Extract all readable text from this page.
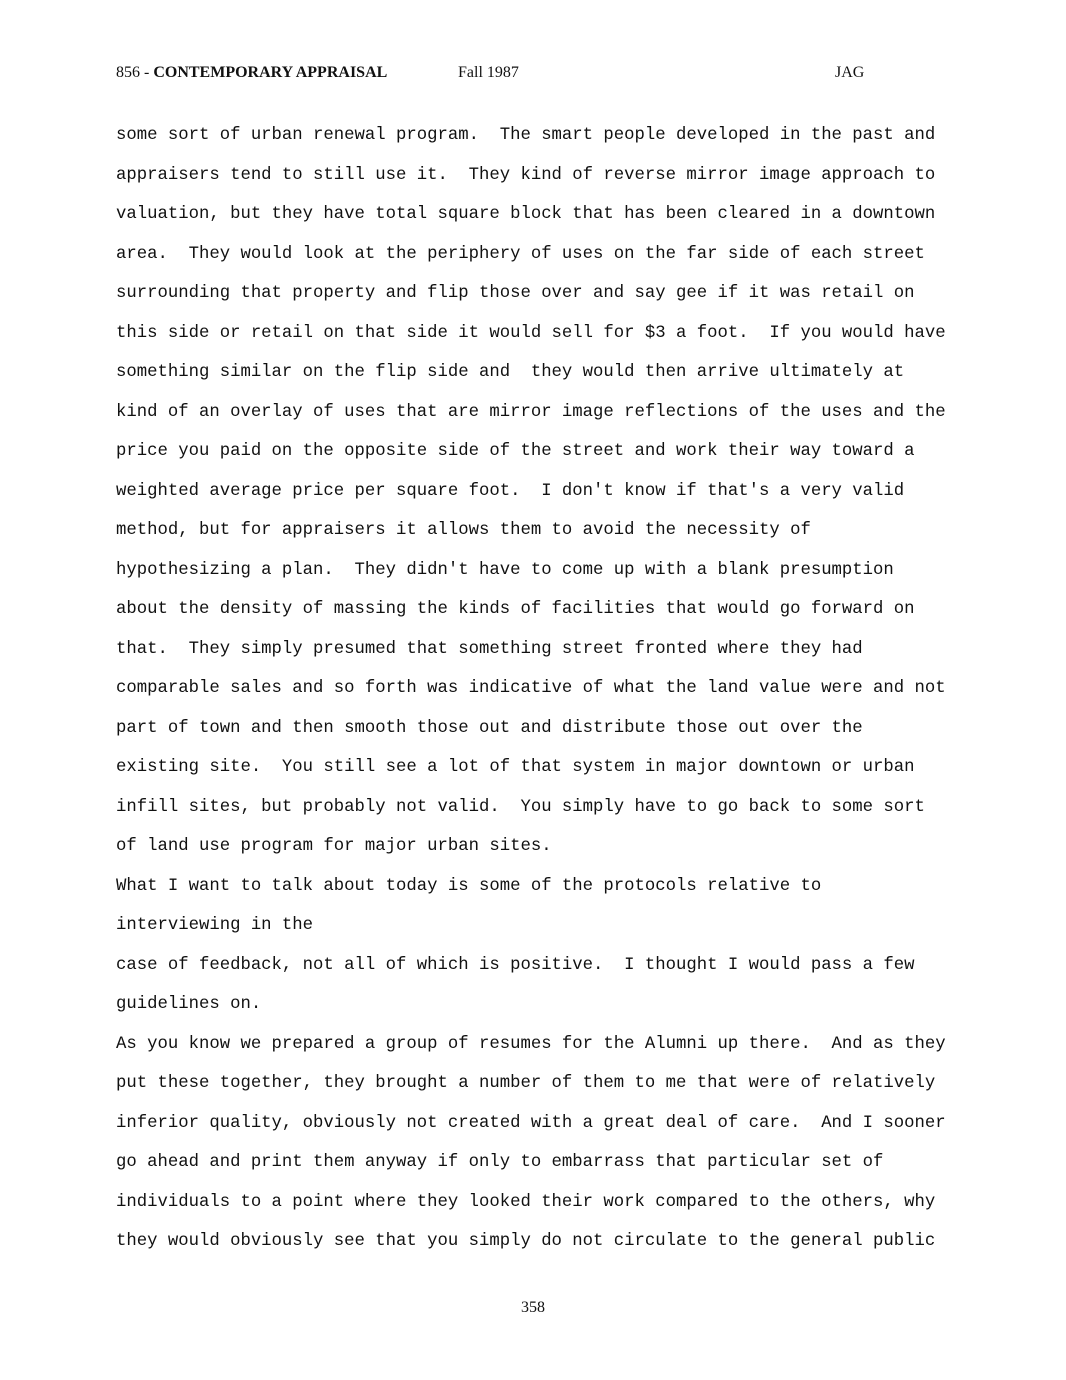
856 - CONTEMPORARY APPRAISAL	Fall 1987	JAG
some sort of urban renewal program.  The smart people developed in the past and
appraisers tend to still use it.  They kind of reverse mirror image approach to
valuation, but they have total square block that has been cleared in a downtown
area.  They would look at the periphery of uses on the far side of each street
surrounding that property and flip those over and say gee if it was retail on
this side or retail on that side it would sell for $3 a foot.  If you would have
something similar on the flip side and  they would then arrive ultimately at
kind of an overlay of uses that are mirror image reflections of the uses and the
price you paid on the opposite side of the street and work their way toward a
weighted average price per square foot.  I don't know if that's a very valid
method, but for appraisers it allows them to avoid the necessity of
hypothesizing a plan.  They didn't have to come up with a blank presumption
about the density of massing the kinds of facilities that would go forward on
that.  They simply presumed that something street fronted where they had
comparable sales and so forth was indicative of what the land value were and not
part of town and then smooth those out and distribute those out over the
existing site.  You still see a lot of that system in major downtown or urban
infill sites, but probably not valid.  You simply have to go back to some sort
of land use program for major urban sites.
What I want to talk about today is some of the protocols relative to
interviewing in the
case of feedback, not all of which is positive.  I thought I would pass a few
guidelines on.
As you know we prepared a group of resumes for the Alumni up there.  And as they
put these together, they brought a number of them to me that were of relatively
inferior quality, obviously not created with a great deal of care.  And I sooner
go ahead and print them anyway if only to embarrass that particular set of
individuals to a point where they looked their work compared to the others, why
they would obviously see that you simply do not circulate to the general public
358
